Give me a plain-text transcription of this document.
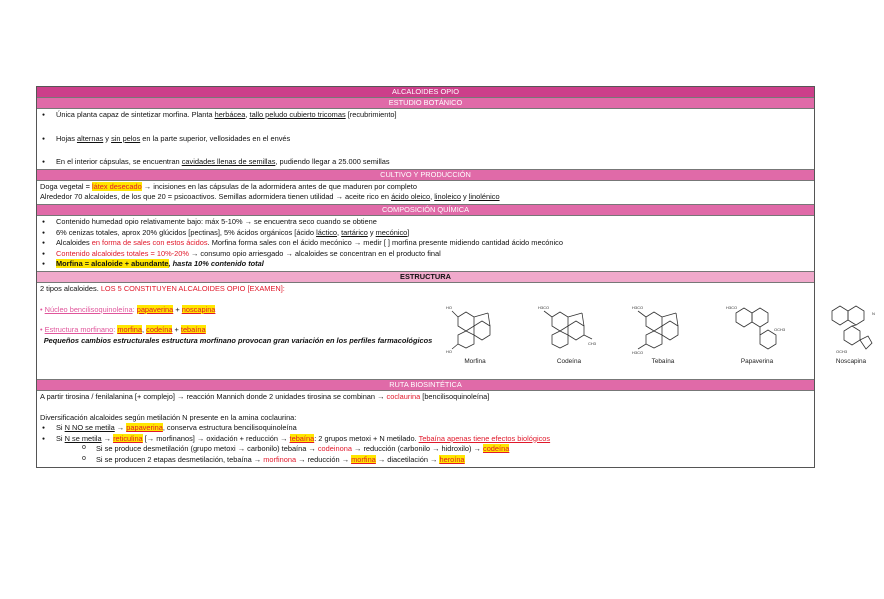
ALCALOIDES OPIO
ESTUDIO BOTÁNICO
● Única planta capaz de sintetizar morfina. Planta herbácea, tallo peludo cubierto tricomas [recubrimiento]
● Hojas alternas y sin pelos en la parte superior, vellosidades en el envés
● En el interior cápsulas, se encuentran cavidades llenas de semillas, pudiendo llegar a 25.000 semillas
CULTIVO Y PRODUCCIÓN
Doga vegetal = látex desecado → incisiones en las cápsulas de la adormidera antes de que maduren por completo
Alrededor 70 alcaloides, de los que 20 = psicoactivos. Semillas adormidera tienen utilidad → aceite rico en ácido oleico, linoleico y linolénico
COMPOSICIÓN QUÍMICA
● Contenido humedad opio relativamente bajo: máx 5-10% → se encuentra seco cuando se obtiene
● 6% cenizas totales, aprox 20% glúcidos [pectinas], 5% ácidos orgánicos [ácido láctico, tartárico y mecónico]
● Alcaloides en forma de sales con estos ácidos. Morfina forma sales con el ácido mecónico → medir [ ] morfina presente midiendo cantidad ácido mecónico
● Contenido alcaloides totales = 10%-20% → consumo opio arriesgado → alcaloides se concentran en el producto final
● Morfina = alcaloide + abundante, hasta 10% contenido total
ESTRUCTURA
2 tipos alcaloides. LOS 5 CONSTITUYEN ALCALOIDES OPIO [EXAMEN]:
• Núcleo bencilisoquinoleína: papaverina + noscapina
• Estructura morfinano: morfina, codeína + tebaína
Pequeños cambios estructurales estructura morfinano provocan gran variación en los perfiles farmacológicos
HO
HO
Morfina
H3CO
CH3
Codeína
H3CO
H3CO
Tebaína
H3CO
OCH3
Papaverina
N
OCH3
Noscapina
RUTA BIOSINTÉTICA
A partir tirosina / fenilalanina [+ complejo] → reacción Mannich donde 2 unidades tirosina se combinan → coclaurina [bencilisoquinoleína]
Diversificación alcaloides según metilación N presente en la amina coclaurina:
● Si N NO se metila → papaverina, conserva estructura bencilisoquinoleína
● Si N se metila → reticulina [→ morfinanos] → oxidación + reducción → tebaína: 2 grupos metoxi + N metilado. Tebaína apenas tiene efectos biológicos
o Si se produce desmetilación (grupo metoxi → carbonilo) tebaína → codeinona → reducción (carbonilo → hidroxilo) → codeína
o Si se producen 2 etapas desmetilación, tebaína → morfinona → reducción → morfina → diacetilación → heroína
